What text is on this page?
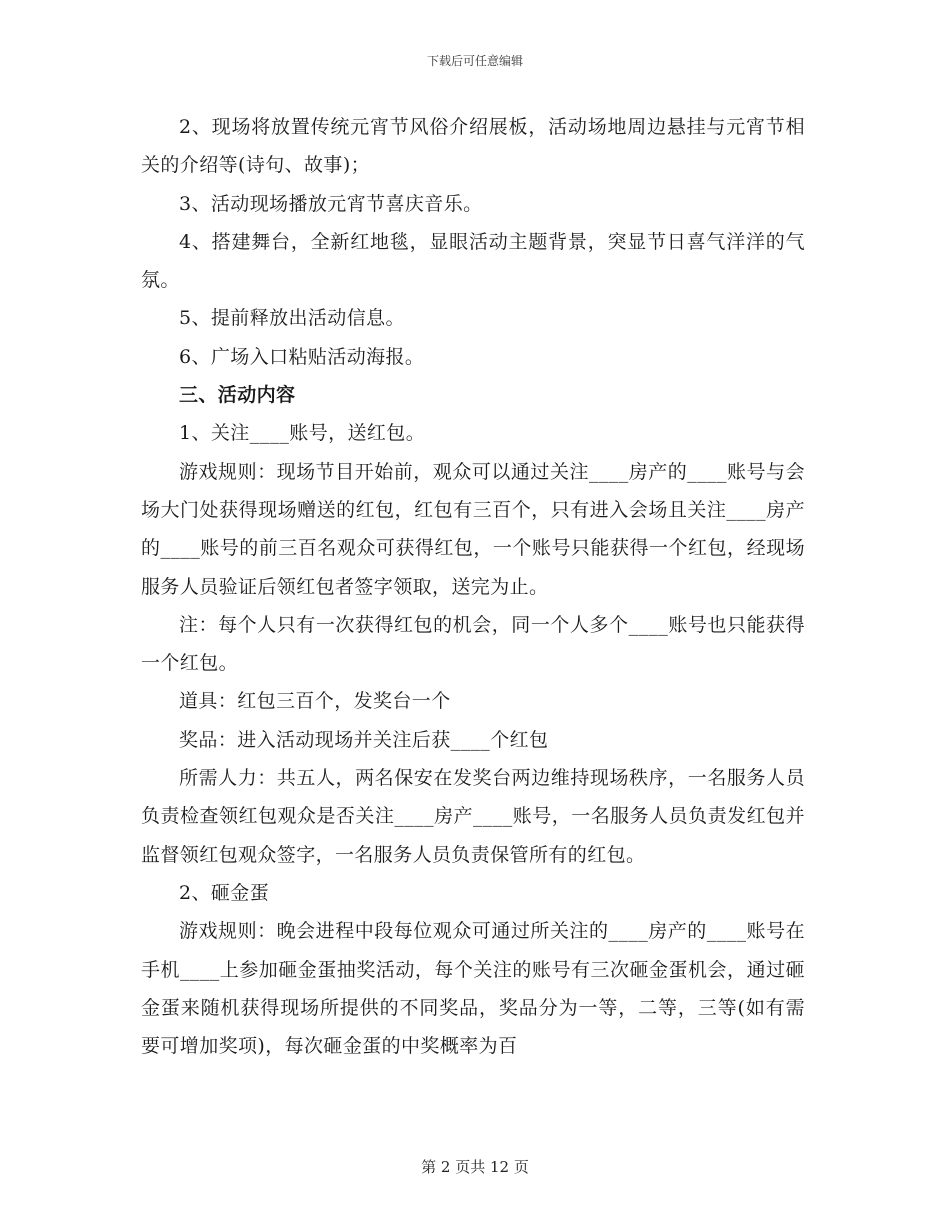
下载后可任意编辑

2、现场将放置传统元宵节风俗介绍展板，活动场地周边悬挂与元宵节相关的介绍等(诗句、故事)；

3、活动现场播放元宵节喜庆音乐。

4、搭建舞台，全新红地毯，显眼活动主题背景，突显节日喜气洋洋的气氛。

5、提前释放出活动信息。

6、广场入口粘贴活动海报。

三、活动内容

1、关注____账号，送红包。

游戏规则：现场节目开始前，观众可以通过关注____房产的____账号与会场大门处获得现场赠送的红包，红包有三百个，只有进入会场且关注____房产的____账号的前三百名观众可获得红包，一个账号只能获得一个红包，经现场服务人员验证后领红包者签字领取，送完为止。

注：每个人只有一次获得红包的机会，同一个人多个____账号也只能获得一个红包。

道具：红包三百个，发奖台一个

奖品：进入活动现场并关注后获____个红包

所需人力：共五人，两名保安在发奖台两边维持现场秩序，一名服务人员负责检查领红包观众是否关注____房产____账号，一名服务人员负责发红包并监督领红包观众签字，一名服务人员负责保管所有的红包。

2、砸金蛋

游戏规则：晚会进程中段每位观众可通过所关注的____房产的____账号在手机____上参加砸金蛋抽奖活动，每个关注的账号有三次砸金蛋机会，通过砸金蛋来随机获得现场所提供的不同奖品，奖品分为一等，二等，三等(如有需要可增加奖项)，每次砸金蛋的中奖概率为百

第 2 页共 12 页
